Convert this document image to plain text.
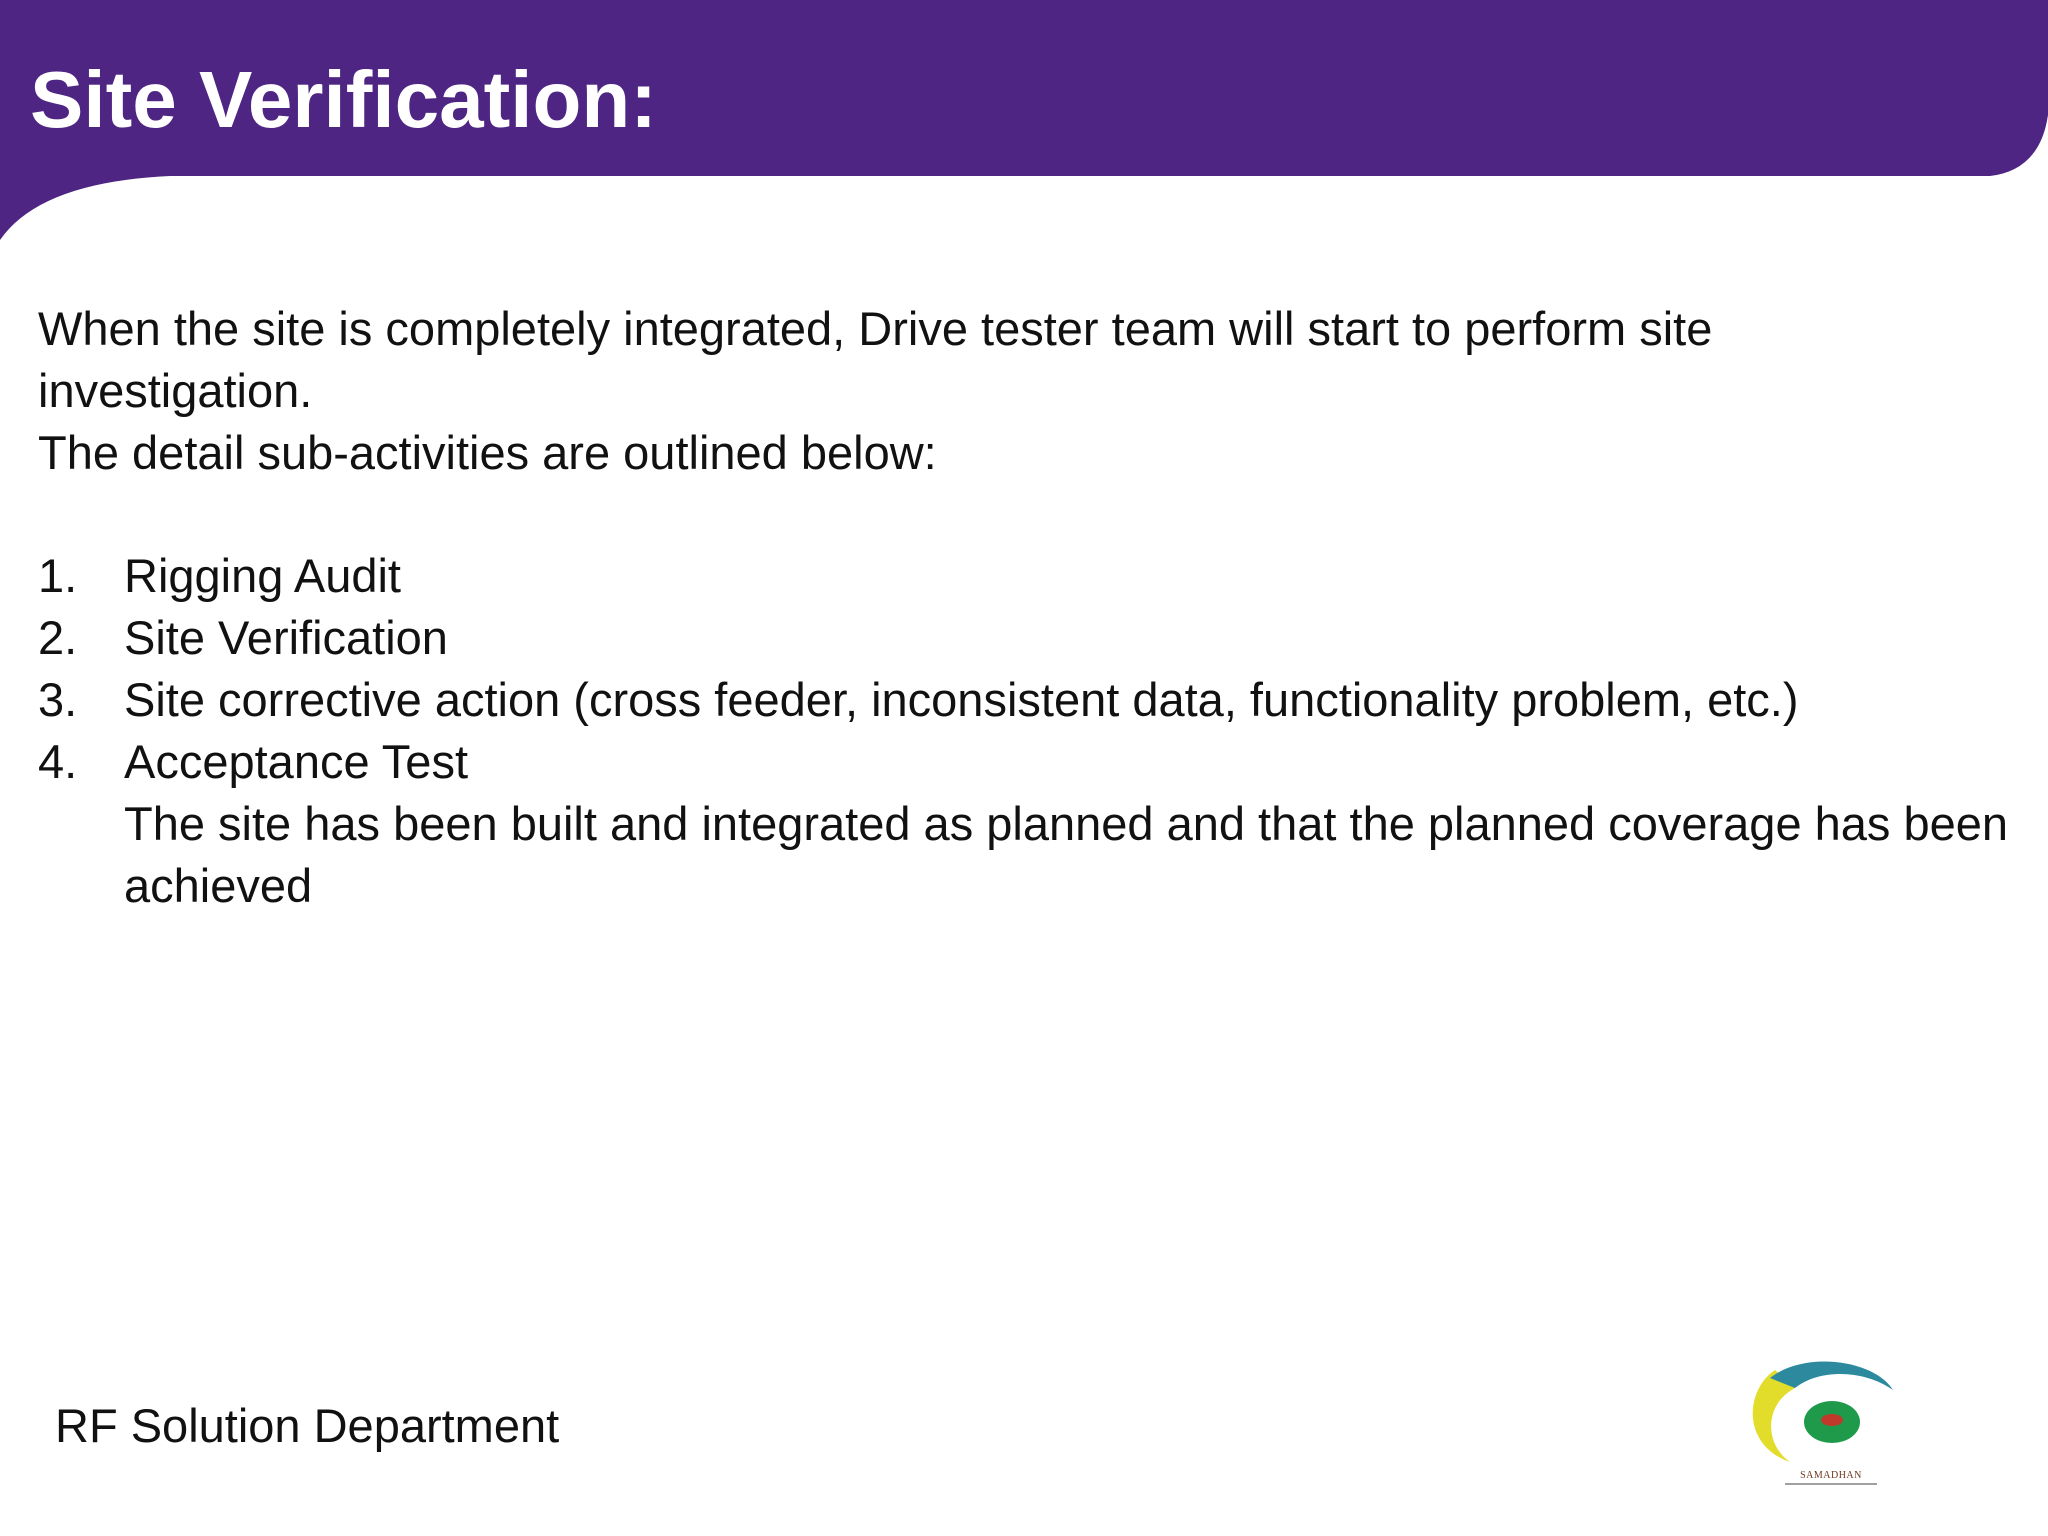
Site Verification:

When the site is completely integrated, Drive tester team will start to perform site investigation.

The detail sub-activities are outlined below:

1. Rigging Audit
2. Site Verification
3. Site corrective action (cross feeder, inconsistent data, functionality problem, etc.)
4. Acceptance Test
The site has been built and integrated as planned and that the planned coverage has been achieved
RF Solution Department
SAMADHAN
